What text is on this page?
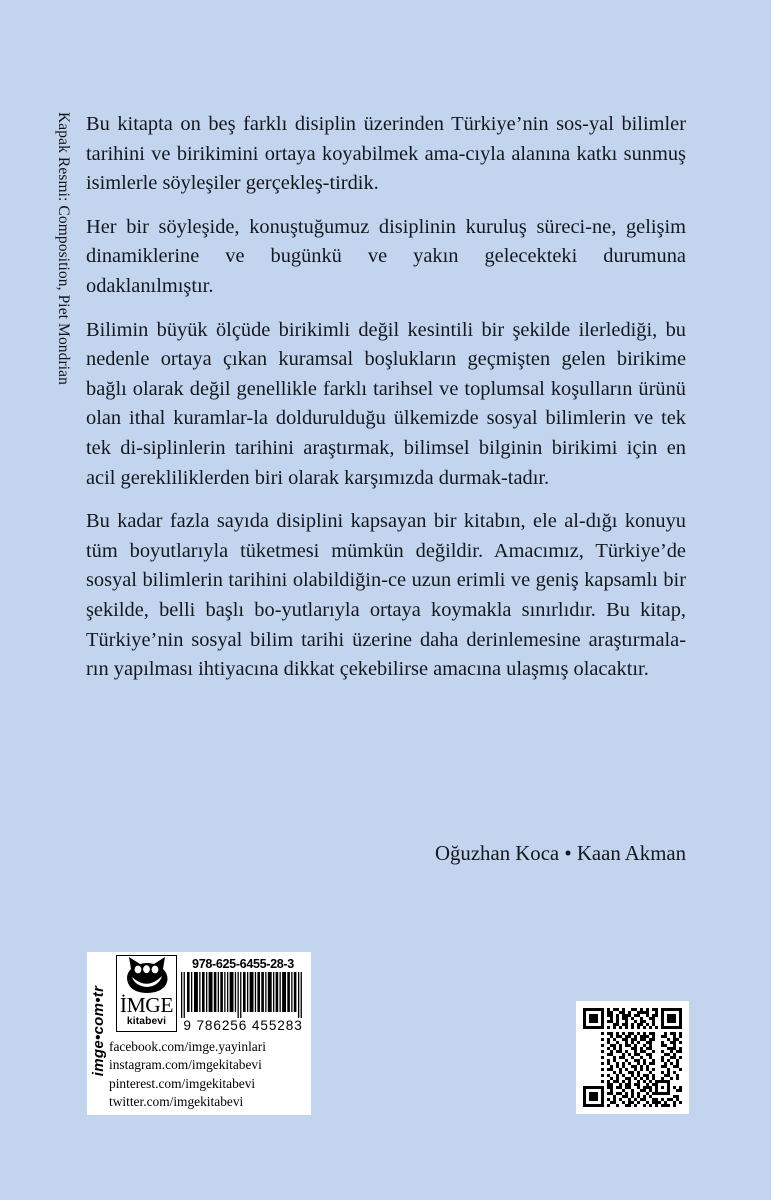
Kapak Resmi: Composition, Piet Mondrian Bu kitapta on beş farklı disiplin üzerinden Türkiye’nin sos-yal bilimler tarihini ve birikimini ortaya koyabilmek ama-cıyla alanına katkı sunmuş isimlerle söyleşiler gerçekleş-tirdik.

Her bir söyleşide, konuştuğumuz disiplinin kuruluş süreci-ne, gelişim dinamiklerine ve bugünkü ve yakın gelecekteki durumuna odaklanılmıştır.

Bilimin büyük ölçüde birikimli değil kesintili bir şekilde ilerlediği, bu nedenle ortaya çıkan kuramsal boşlukların geçmişten gelen birikime bağlı olarak değil genellikle farklı tarihsel ve toplumsal koşulların ürünü olan ithal kuramlar-la doldurulduğu ülkemizde sosyal bilimlerin ve tek tek di-siplinlerin tarihini araştırmak, bilimsel bilginin birikimi için en acil gerekliliklerden biri olarak karşımızda durmak-tadır.

Bu kadar fazla sayıda disiplini kapsayan bir kitabın, ele al-dığı konuyu tüm boyutlarıyla tüketmesi mümkün değildir. Amacımız, Türkiye’de sosyal bilimlerin tarihini olabildiğin-ce uzun erimli ve geniş kapsamlı bir şekilde, belli başlı bo-yutlarıyla ortaya koymakla sınırlıdır. Bu kitap, Türkiye’nin sosyal bilim tarihi üzerine daha derinlemesine araştırmala-rın yapılması ihtiyacına dikkat çekebilirse amacına ulaşmış olacaktır.

Oğuzhan Koca • Kaan Akman
imge•com•tr İMGE
kitabevi
978-625-6455-28-3
9 786256 455283
facebook.com/imge.yayinlari
instagram.com/imgekitabevi
pinterest.com/imgekitabevi
twitter.com/imgekitabevi
